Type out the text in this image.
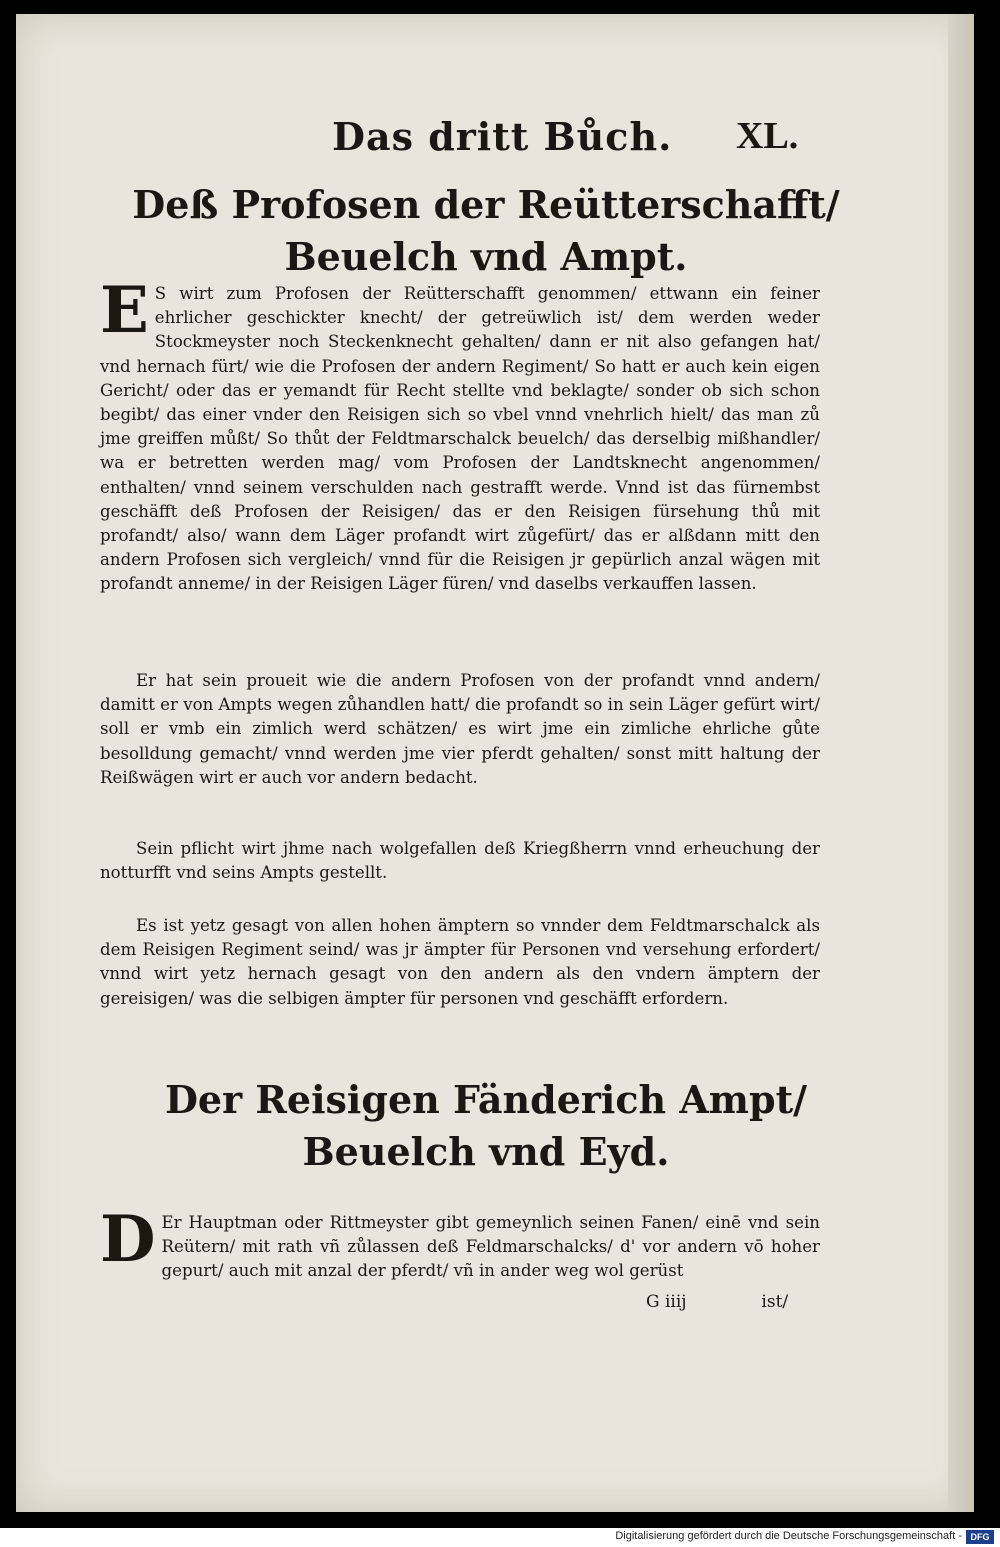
Das dritt Bůch. XL.
Deß Profosen der Reütterschafft/
Beuelch vnd Ampt.
E S wirt zum Profosen der Reütterschafft genommen/ ettwann ein feiner ehrlicher geschickter knecht/ der getreüwlich ist/ dem werden weder Stockmeyster noch Steckenknecht gehalten/ dann er nit also gefangen hat/ vnd hernach fürt/ wie die Profosen der andern Regiment/ So hatt er auch kein eigen Gericht/ oder das er yemandt für Recht stellte vnd beklagte/ sonder ob sich schon begibt/ das einer vnder den Reisigen sich so vbel vnnd vnehrlich hielt/ das man zů jme greiffen můßt/ So thůt der Feldtmarschalck beuelch/ das derselbig mißhandler/ wa er betretten werden mag/ vom Profosen der Landtsknecht angenommen/ enthalten/ vnnd seinem verschulden nach gestrafft werde. Vnnd ist das fürnembst geschäfft deß Profosen der Reisigen/ das er den Reisigen fürsehung thů mit profandt/ also/ wann dem Läger profandt wirt zůgefürt/ das er alßdann mitt den andern Profosen sich vergleich/ vnnd für die Reisigen jr gepürlich anzal wägen mit profandt anneme/ in der Reisigen Läger füren/ vnd daselbs verkauffen lassen.
Er hat sein proueit wie die andern Profosen von der profandt vnnd andern/ damitt er von Ampts wegen zůhandlen hatt/ die profandt so in sein Läger gefürt wirt/ soll er vmb ein zimlich werd schätzen/ es wirt jme ein zimliche ehrliche gůte besolldung gemacht/ vnnd werden jme vier pferdt gehalten/ sonst mitt haltung der Reißwägen wirt er auch vor andern bedacht.
Sein pflicht wirt jhme nach wolgefallen deß Kriegßherrn vnnd erheuchung der notturfft vnd seins Ampts gestellt.
Es ist yetz gesagt von allen hohen ämptern so vnnder dem Feldtmarschalck als dem Reisigen Regiment seind/ was jr ämpter für Personen vnd versehung erfordert/ vnnd wirt yetz hernach gesagt von den andern als den vndern ämptern der gereisigen/ was die selbigen ämpter für personen vnd geschäfft erfordern.
Der Reisigen Fänderich Ampt/
Beuelch vnd Eyd.
D Er Hauptman oder Rittmeyster gibt gemeynlich seinen Fanen/ einē vnd sein Reütern/ mit rath vñ zůlassen deß Feldmarschalcks/ d' vor andern vō hoher gepurt/ auch mit anzal der pferdt/ vñ in ander weg wol gerüst
G iiij	ist/
Digitalisierung gefördert durch die Deutsche Forschungsgemeinschaft - DFG
